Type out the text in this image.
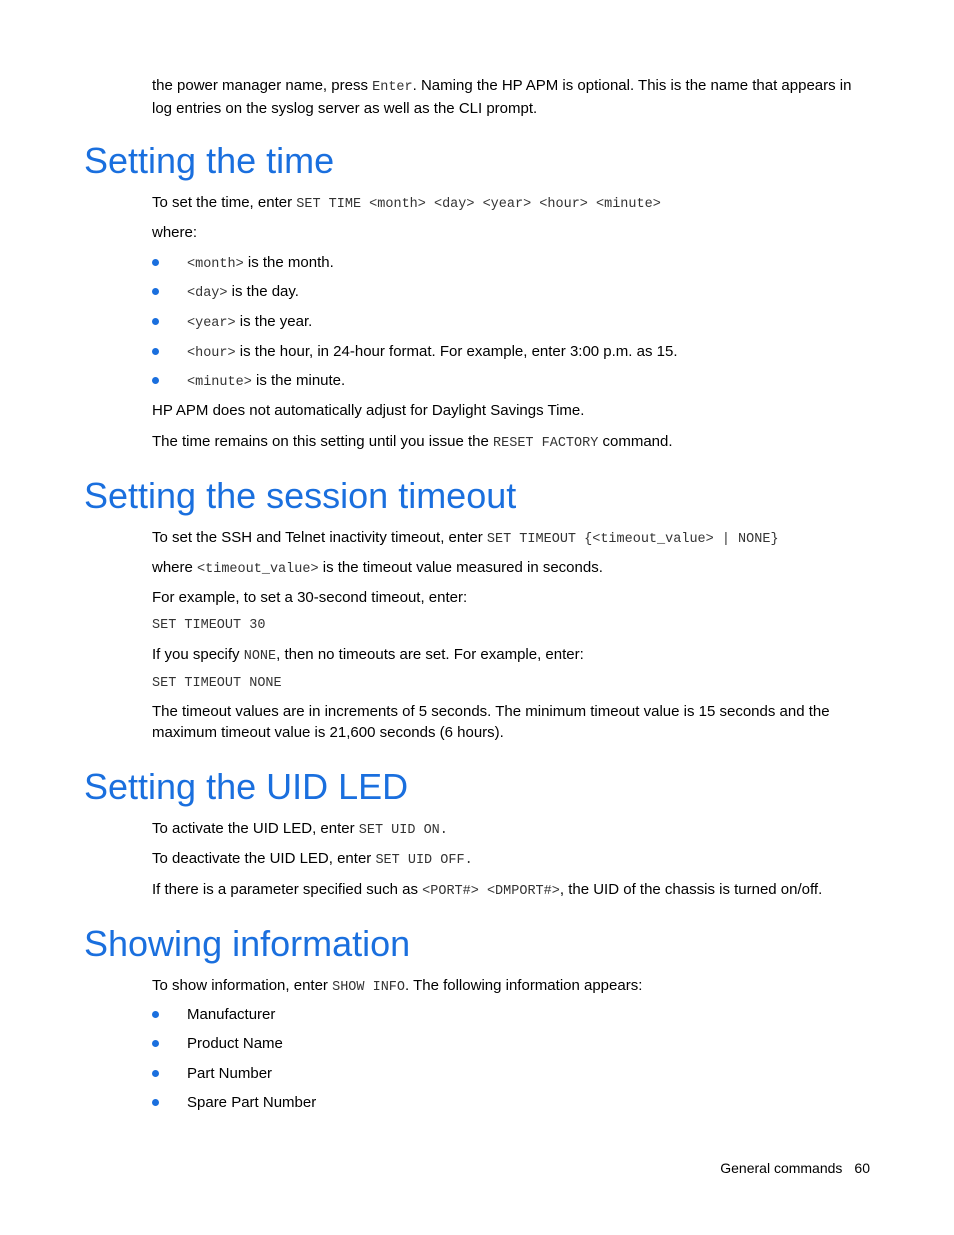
the power manager name, press Enter. Naming the HP APM is optional. This is the name that appears in log entries on the syslog server as well as the CLI prompt.

Setting the time

To set the time, enter SET TIME <month> <day> <year> <hour> <minute>

where:

<month> is the month.
<day> is the day.
<year> is the year.
<hour> is the hour, in 24-hour format. For example, enter 3:00 p.m. as 15.
<minute> is the minute.

HP APM does not automatically adjust for Daylight Savings Time.

The time remains on this setting until you issue the RESET FACTORY command.

Setting the session timeout

To set the SSH and Telnet inactivity timeout, enter SET TIMEOUT {<timeout_value> | NONE}

where <timeout_value> is the timeout value measured in seconds.

For example, to set a 30-second timeout, enter:

SET TIMEOUT 30

If you specify NONE, then no timeouts are set. For example, enter:

SET TIMEOUT NONE

The timeout values are in increments of 5 seconds. The minimum timeout value is 15 seconds and the maximum timeout value is 21,600 seconds (6 hours).

Setting the UID LED

To activate the UID LED, enter SET UID ON.

To deactivate the UID LED, enter SET UID OFF.

If there is a parameter specified such as <PORT#> <DMPORT#>, the UID of the chassis is turned on/off.

Showing information

To show information, enter SHOW INFO. The following information appears:

Manufacturer
Product Name
Part Number
Spare Part Number
General commands 60
